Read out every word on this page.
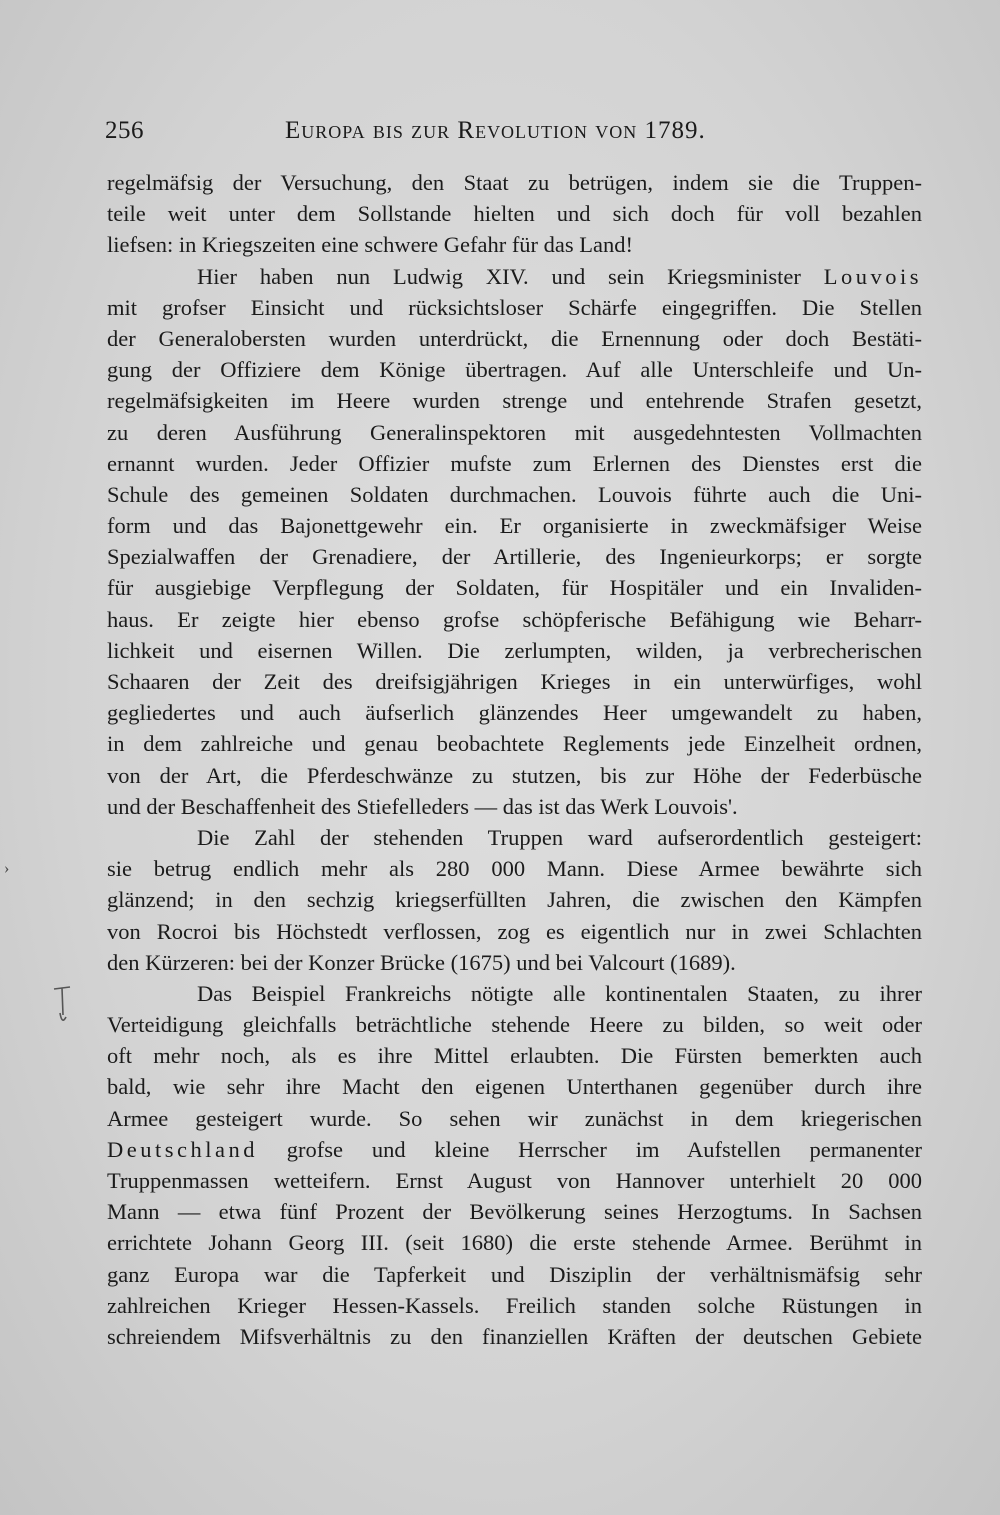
256	Europa bis zur Revolution von 1789.
regelmäfsig der Versuchung, den Staat zu betrügen, indem sie die Truppen-
teile weit unter dem Sollstande hielten und sich doch für voll bezahlen
liefsen: in Kriegszeiten eine schwere Gefahr für das Land!
Hier haben nun Ludwig XIV. und sein Kriegsminister Louvois
mit grofser Einsicht und rücksichtsloser Schärfe eingegriffen. Die Stellen
der Generalobersten wurden unterdrückt, die Ernennung oder doch Bestäti-
gung der Offiziere dem Könige übertragen. Auf alle Unterschleife und Un-
regelmäfsigkeiten im Heere wurden strenge und entehrende Strafen gesetzt,
zu deren Ausführung Generalinspektoren mit ausgedehntesten Vollmachten
ernannt wurden. Jeder Offizier mufste zum Erlernen des Dienstes erst die
Schule des gemeinen Soldaten durchmachen. Louvois führte auch die Uni-
form und das Bajonettgewehr ein. Er organisierte in zweckmäfsiger Weise
Spezialwaffen der Grenadiere, der Artillerie, des Ingenieurkorps; er sorgte
für ausgiebige Verpflegung der Soldaten, für Hospitäler und ein Invaliden-
haus. Er zeigte hier ebenso grofse schöpferische Befähigung wie Beharr-
lichkeit und eisernen Willen. Die zerlumpten, wilden, ja verbrecherischen
Schaaren der Zeit des dreifsigjährigen Krieges in ein unterwürfiges, wohl
gegliedertes und auch äufserlich glänzendes Heer umgewandelt zu haben,
in dem zahlreiche und genau beobachtete Reglements jede Einzelheit ordnen,
von der Art, die Pferdeschwänze zu stutzen, bis zur Höhe der Federbüsche
und der Beschaffenheit des Stiefelleders — das ist das Werk Louvois'.
Die Zahl der stehenden Truppen ward aufserordentlich gesteigert:
sie betrug endlich mehr als 280 000 Mann. Diese Armee bewährte sich
glänzend; in den sechzig kriegserfüllten Jahren, die zwischen den Kämpfen
von Rocroi bis Höchstedt verflossen, zog es eigentlich nur in zwei Schlachten
den Kürzeren: bei der Konzer Brücke (1675) und bei Valcourt (1689).
Das Beispiel Frankreichs nötigte alle kontinentalen Staaten, zu ihrer
Verteidigung gleichfalls beträchtliche stehende Heere zu bilden, so weit oder
oft mehr noch, als es ihre Mittel erlaubten. Die Fürsten bemerkten auch
bald, wie sehr ihre Macht den eigenen Unterthanen gegenüber durch ihre
Armee gesteigert wurde. So sehen wir zunächst in dem kriegerischen
Deutschland grofse und kleine Herrscher im Aufstellen permanenter
Truppenmassen wetteifern. Ernst August von Hannover unterhielt 20 000
Mann — etwa fünf Prozent der Bevölkerung seines Herzogtums. In Sachsen
errichtete Johann Georg III. (seit 1680) die erste stehende Armee. Berühmt in
ganz Europa war die Tapferkeit und Disziplin der verhältnismäfsig sehr
zahlreichen Krieger Hessen-Kassels. Freilich standen solche Rüstungen in
schreiendem Mifsverhältnis zu den finanziellen Kräften der deutschen Gebiete
›
